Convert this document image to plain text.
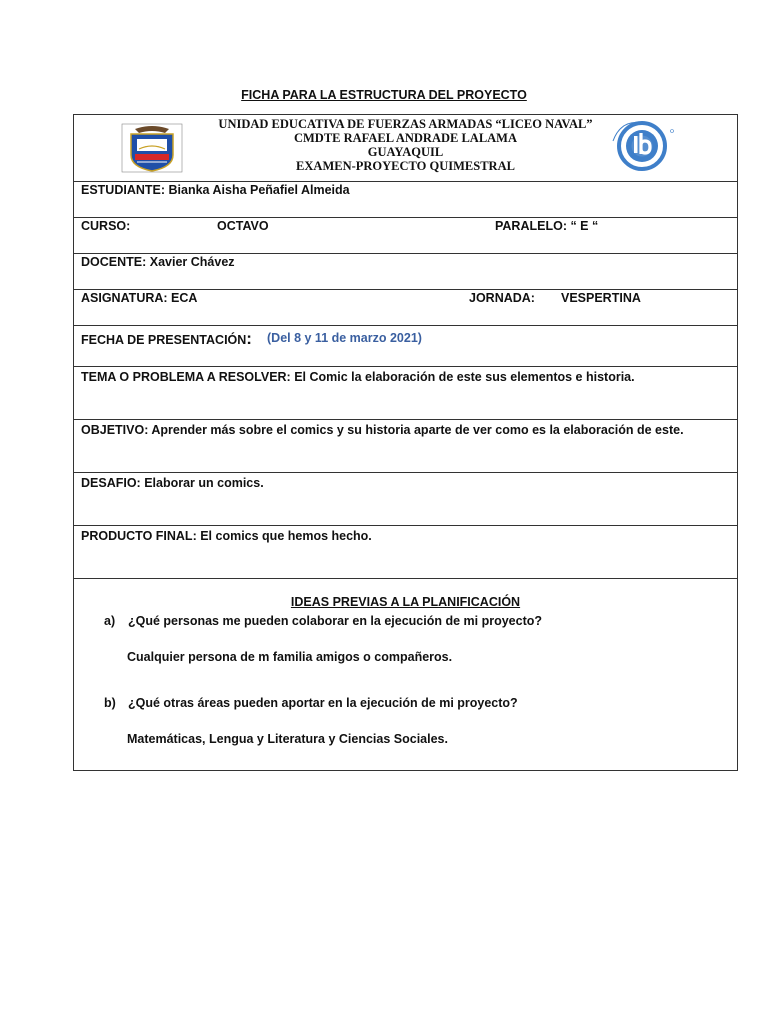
FICHA PARA LA ESTRUCTURA DEL PROYECTO
UNIDAD EDUCATIVA DE FUERZAS ARMADAS “LICEO NAVAL”
CMDTE RAFAEL ANDRADE LALAMA
GUAYAQUIL
EXAMEN-PROYECTO QUIMESTRAL

ESTUDIANTE: Bianka Aisha Peñafiel Almeida

CURSO:	OCTAVO	PARALELO: “ E “

DOCENTE: Xavier Chávez

ASIGNATURA: ECA	JORNADA: VESPERTINA

FECHA DE PRESENTACIÓN: (Del 8 y 11 de marzo 2021)

TEMA O PROBLEMA A RESOLVER: El Comic la elaboración de este sus elementos e historia.

OBJETIVO: Aprender más sobre el comics y su historia aparte de ver como es la elaboración de este.

DESAFIO: Elaborar un comics.

PRODUCTO FINAL: El comics que hemos hecho.

IDEAS PREVIAS A LA PLANIFICACIÓN
a) ¿Qué personas me pueden colaborar en la ejecución de mi proyecto?
Cualquier persona de m familia amigos o compañeros.
b) ¿Qué otras áreas pueden aportar en la ejecución de mi proyecto?
Matemáticas, Lengua y Literatura y Ciencias Sociales.
